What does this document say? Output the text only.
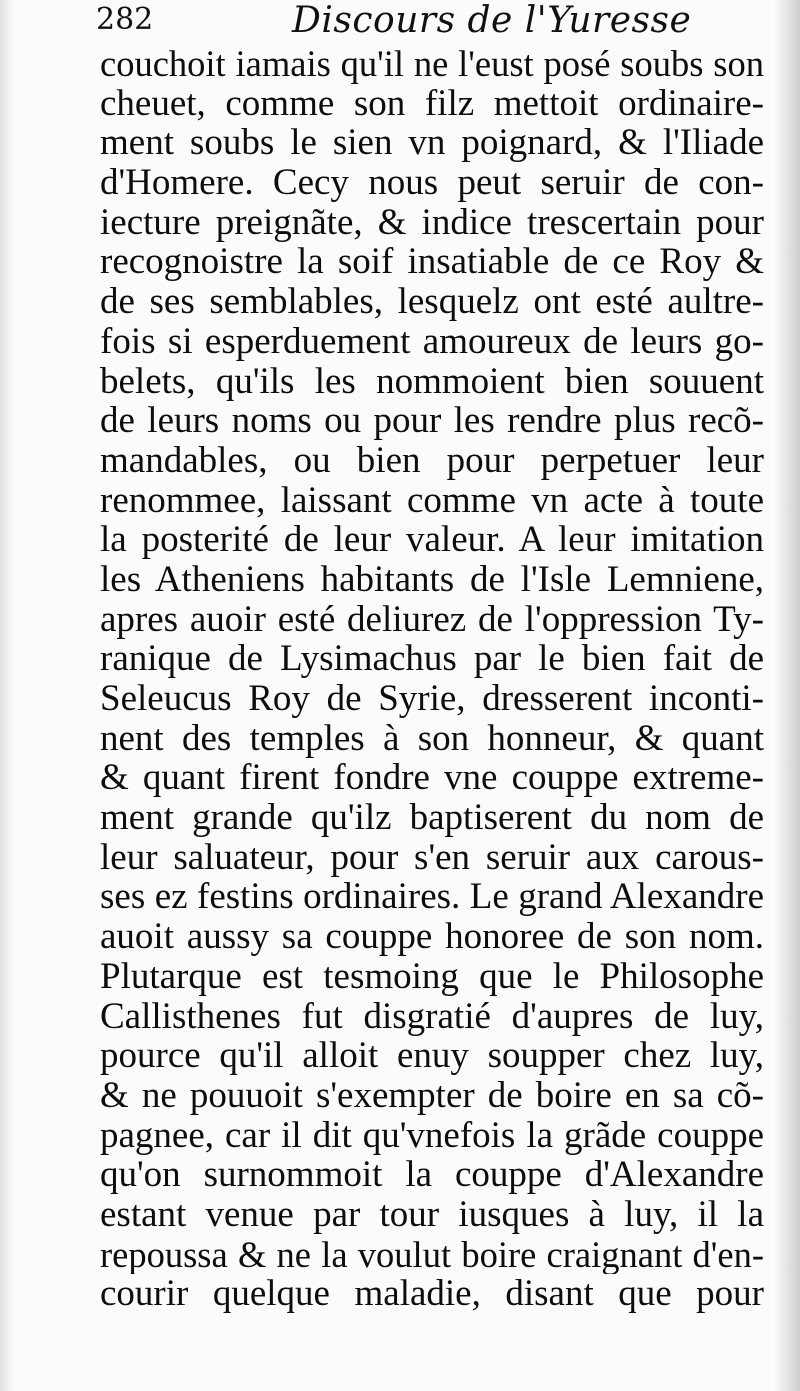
282	Discours de l'Yuresse
couchoit iamais qu'il ne l'eust posé soubs son
cheuet, comme son filz mettoit ordinaire-
ment soubs le sien vn poignard, & l'Iliade
d'Homere. Cecy nous peut seruir de con-
iecture preignãte, & indice trescertain pour
recognoistre la soif insatiable de ce Roy &
de ses semblables, lesquelz ont esté aultre-
fois si esperduement amoureux de leurs go-
belets, qu'ils les nommoient bien souuent
de leurs noms ou pour les rendre plus recõ-
mandables, ou bien pour perpetuer leur
renommee, laissant comme vn acte à toute
la posterité de leur valeur. A leur imitation
les Atheniens habitants de l'Isle Lemniene,
apres auoir esté deliurez de l'oppression Ty-
ranique de Lysimachus par le bien fait de
Seleucus Roy de Syrie, dresserent inconti-
nent des temples à son honneur, & quant
& quant firent fondre vne couppe extreme-
ment grande qu'ilz baptiserent du nom de
leur saluateur, pour s'en seruir aux carous-
ses ez festins ordinaires. Le grand Alexandre
auoit aussy sa couppe honoree de son nom.
Plutarque est tesmoing que le Philosophe
Callisthenes fut disgratié d'aupres de luy,
pource qu'il alloit enuy soupper chez luy,
& ne pouuoit s'exempter de boire en sa cõ-
pagnee, car il dit qu'vnefois la grãde couppe
qu'on surnommoit la couppe d'Alexandre
estant venue par tour iusques à luy, il la
repoussa & ne la voulut boire craignant d'en-
courir quelque maladie, disant que pour
